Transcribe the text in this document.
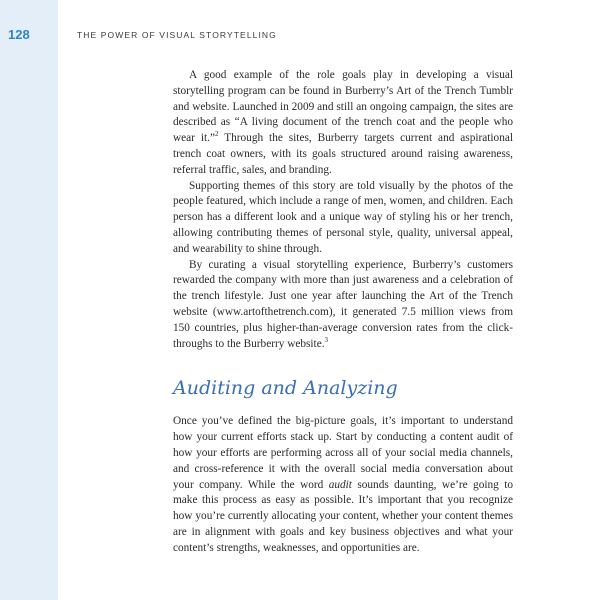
128	THE POWER OF VISUAL STORYTELLING

A good example of the role goals play in developing a visual storytelling program can be found in Burberry’s Art of the Trench Tumblr and website. Launched in 2009 and still an ongoing campaign, the sites are described as “A living document of the trench coat and the people who wear it.”$^2$ Through the sites, Burberry targets current and aspirational trench coat owners, with its goals structured around raising awareness, referral traffic, sales, and branding.

Supporting themes of this story are told visually by the photos of the people featured, which include a range of men, women, and children. Each person has a different look and a unique way of styling his or her trench, allowing contributing themes of personal style, quality, universal appeal, and wearability to shine through.

By curating a visual storytelling experience, Burberry’s customers rewarded the company with more than just awareness and a celebration of the trench lifestyle. Just one year after launching the Art of the Trench website (www.artofthetrench.com), it generated 7.5 million views from 150 countries, plus higher-than-average conversion rates from the click-throughs to the Burberry website.$^3$

Auditing and Analyzing

Once you’ve defined the big-picture goals, it’s important to understand how your current efforts stack up. Start by conducting a content audit of how your efforts are performing across all of your social media channels, and cross-reference it with the overall social media conversation about your company. While the word audit sounds daunting, we’re going to make this process as easy as possible. It’s important that you recognize how you’re currently allocating your content, whether your content themes are in alignment with goals and key business objectives and what your content’s strengths, weaknesses, and opportunities are.
